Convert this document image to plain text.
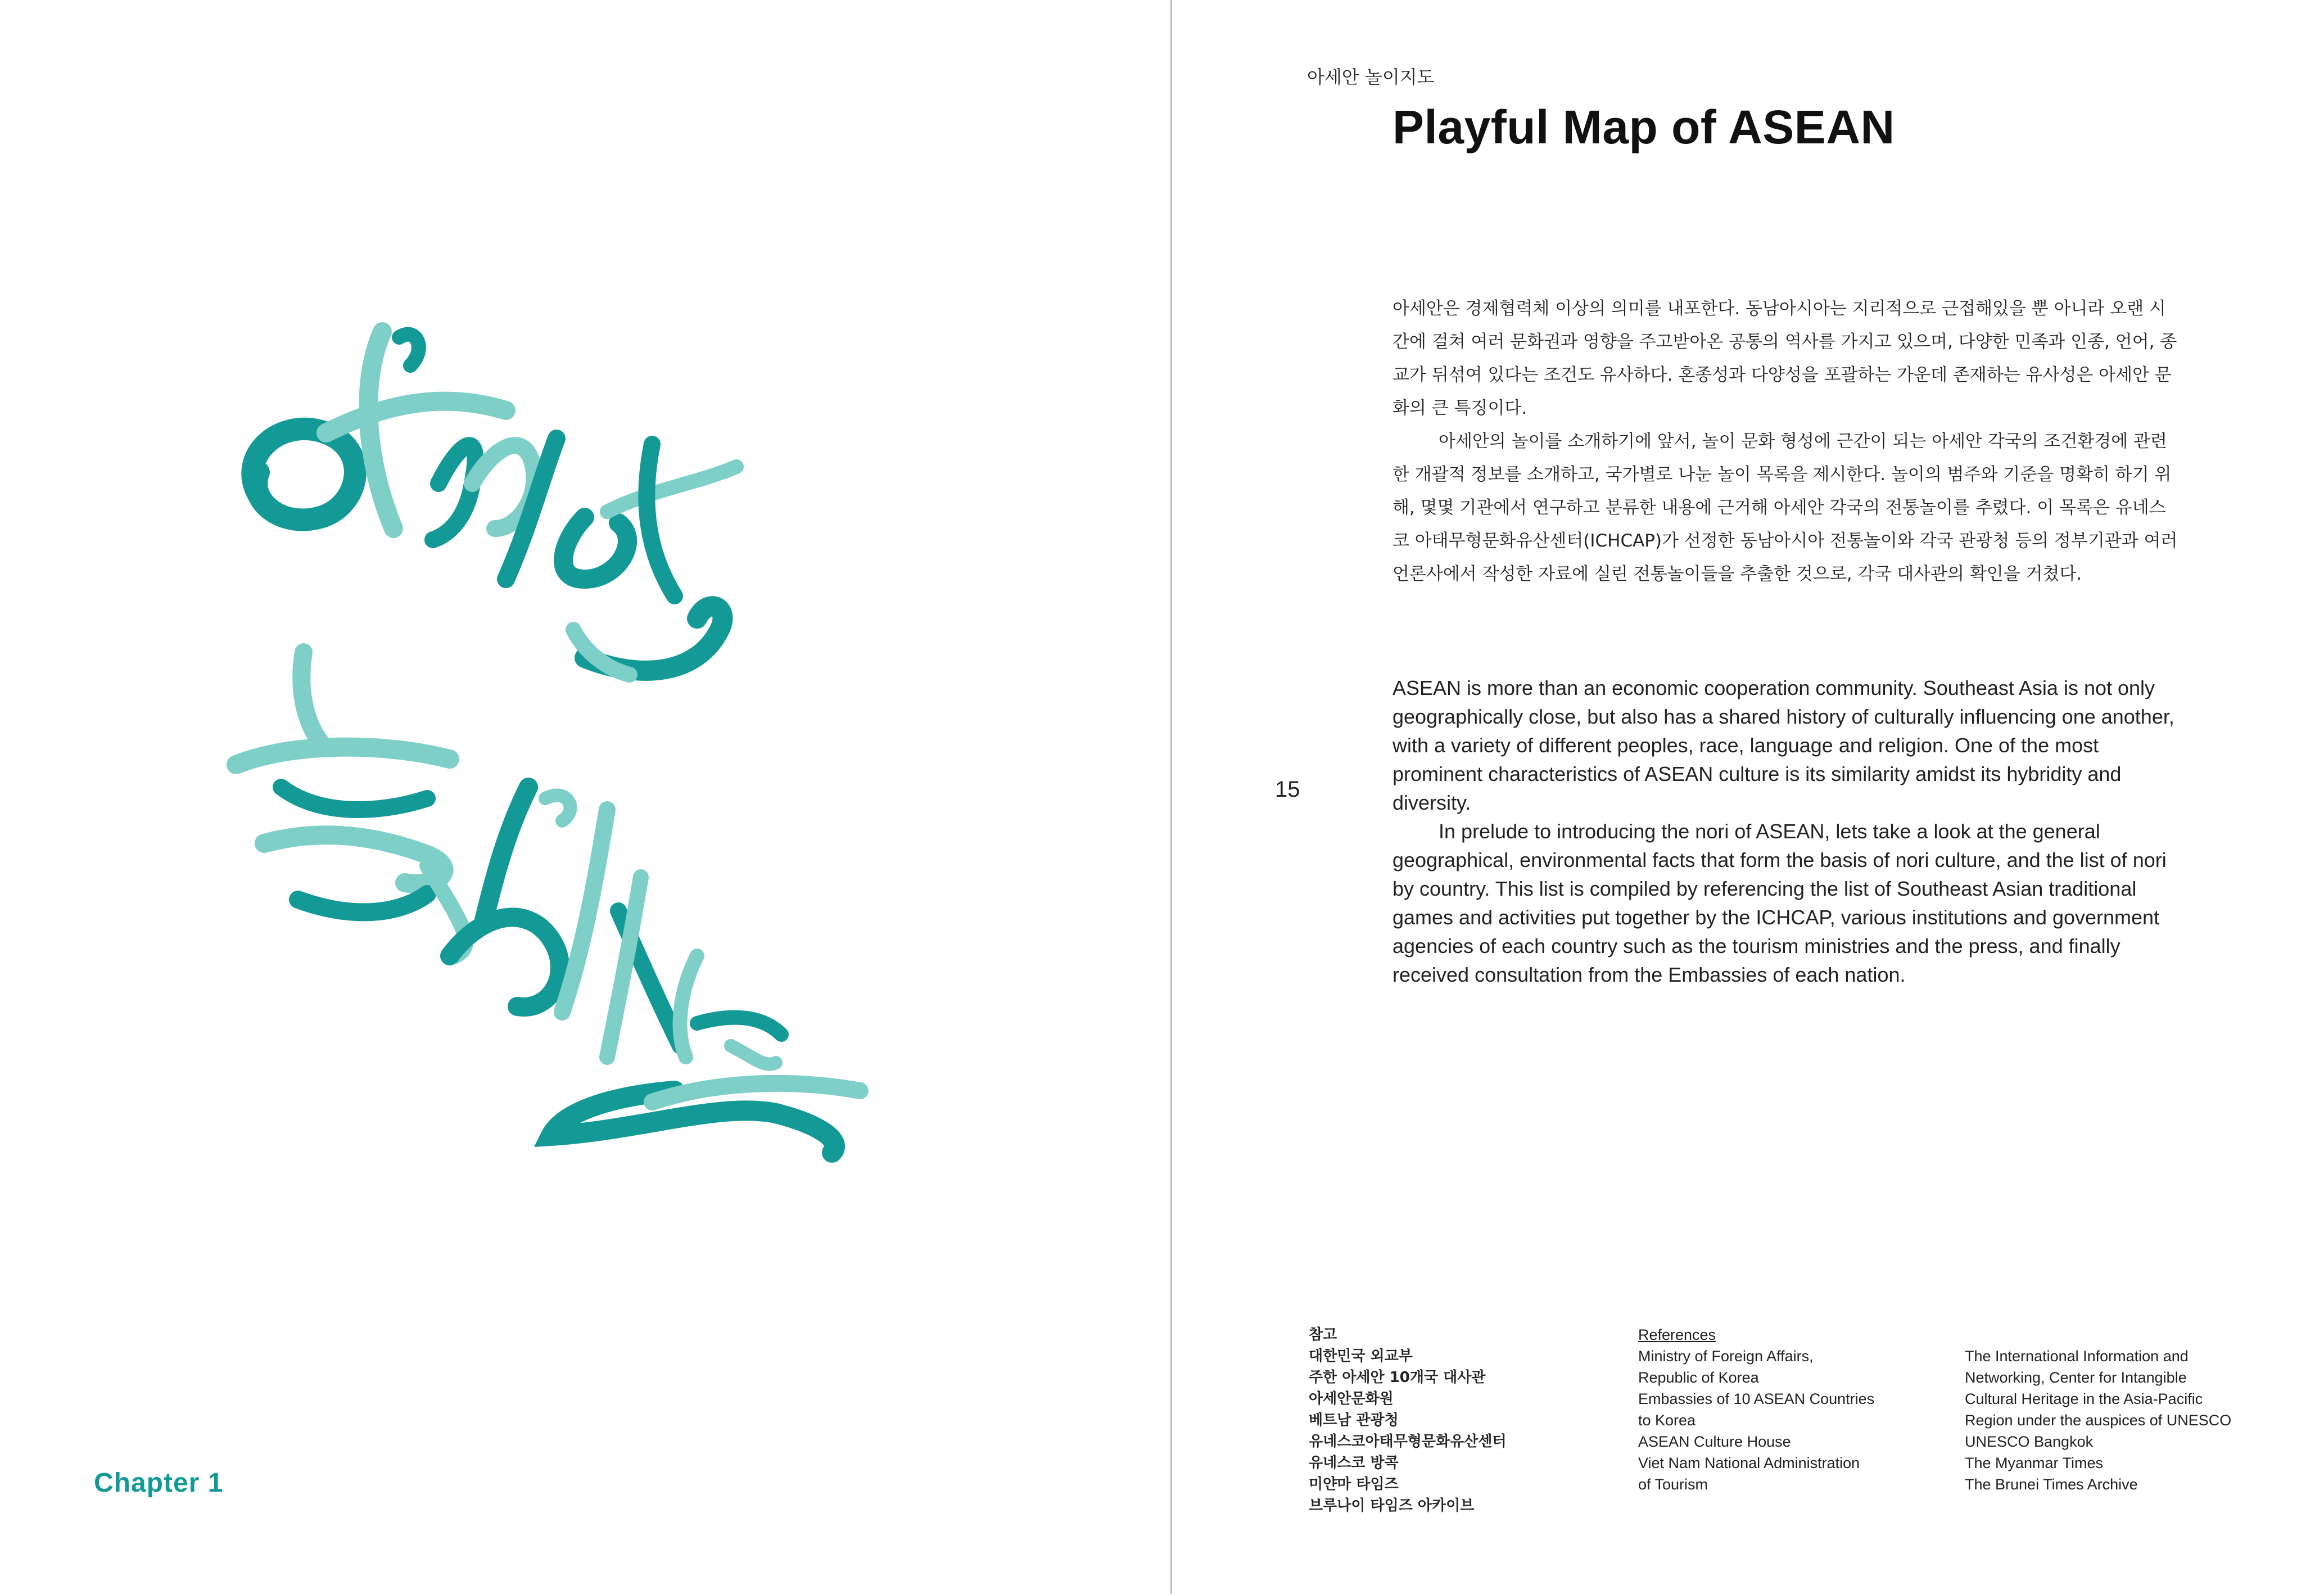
Chapter 1

아세안 놀이지도

Playful Map of ASEAN

아세안은 경제협력체 이상의 의미를 내포한다. 동남아시아는 지리적으로 근접해있을 뿐 아니라 오랜 시간에 걸쳐 여러 문화권과 영향을 주고받아온 공통의 역사를 가지고 있으며, 다양한 민족과 인종, 언어, 종교가 뒤섞여 있다는 조건도 유사하다. 혼종성과 다양성을 포괄하는 가운데 존재하는 유사성은 아세안 문화의 큰 특징이다.

아세안의 놀이를 소개하기에 앞서, 놀이 문화 형성에 근간이 되는 아세안 각국의 조건환경에 관련한 개괄적 정보를 소개하고, 국가별로 나눈 놀이 목록을 제시한다. 놀이의 범주와 기준을 명확히 하기 위해, 몇몇 기관에서 연구하고 분류한 내용에 근거해 아세안 각국의 전통놀이를 추렸다. 이 목록은 유네스코 아태무형문화유산센터(ICHCAP)가 선정한 동남아시아 전통놀이와 각국 관광청 등의 정부기관과 여러 언론사에서 작성한 자료에 실린 전통놀이들을 추출한 것으로, 각국 대사관의 확인을 거쳤다.

15

ASEAN is more than an economic cooperation community. Southeast Asia is not only geographically close, but also has a shared history of culturally influencing one another, with a variety of different peoples, race, language and religion. One of the most prominent characteristics of ASEAN culture is its similarity amidst its hybridity and diversity.

In prelude to introducing the nori of ASEAN, lets take a look at the general geographical, environmental facts that form the basis of nori culture, and the list of nori by country. This list is compiled by referencing the list of Southeast Asian traditional games and activities put together by the ICHCAP, various institutions and government agencies of each country such as the tourism ministries and the press, and finally received consultation from the Embassies of each nation.

참고

대한민국 외교부
주한 아세안 10개국 대사관
아세안문화원
베트남 관광청
유네스코아태무형문화유산센터
유네스코 방콕
미얀마 타임즈
브루나이 타임즈 아카이브

References

Ministry of Foreign Affairs,
Republic of Korea
Embassies of 10 ASEAN Countries
to Korea
ASEAN Culture House
Viet Nam National Administration
of Tourism
The International Information and
Networking, Center for Intangible
Cultural Heritage in the Asia-Pacific
Region under the auspices of UNESCO
UNESCO Bangkok
The Myanmar Times
The Brunei Times Archive
